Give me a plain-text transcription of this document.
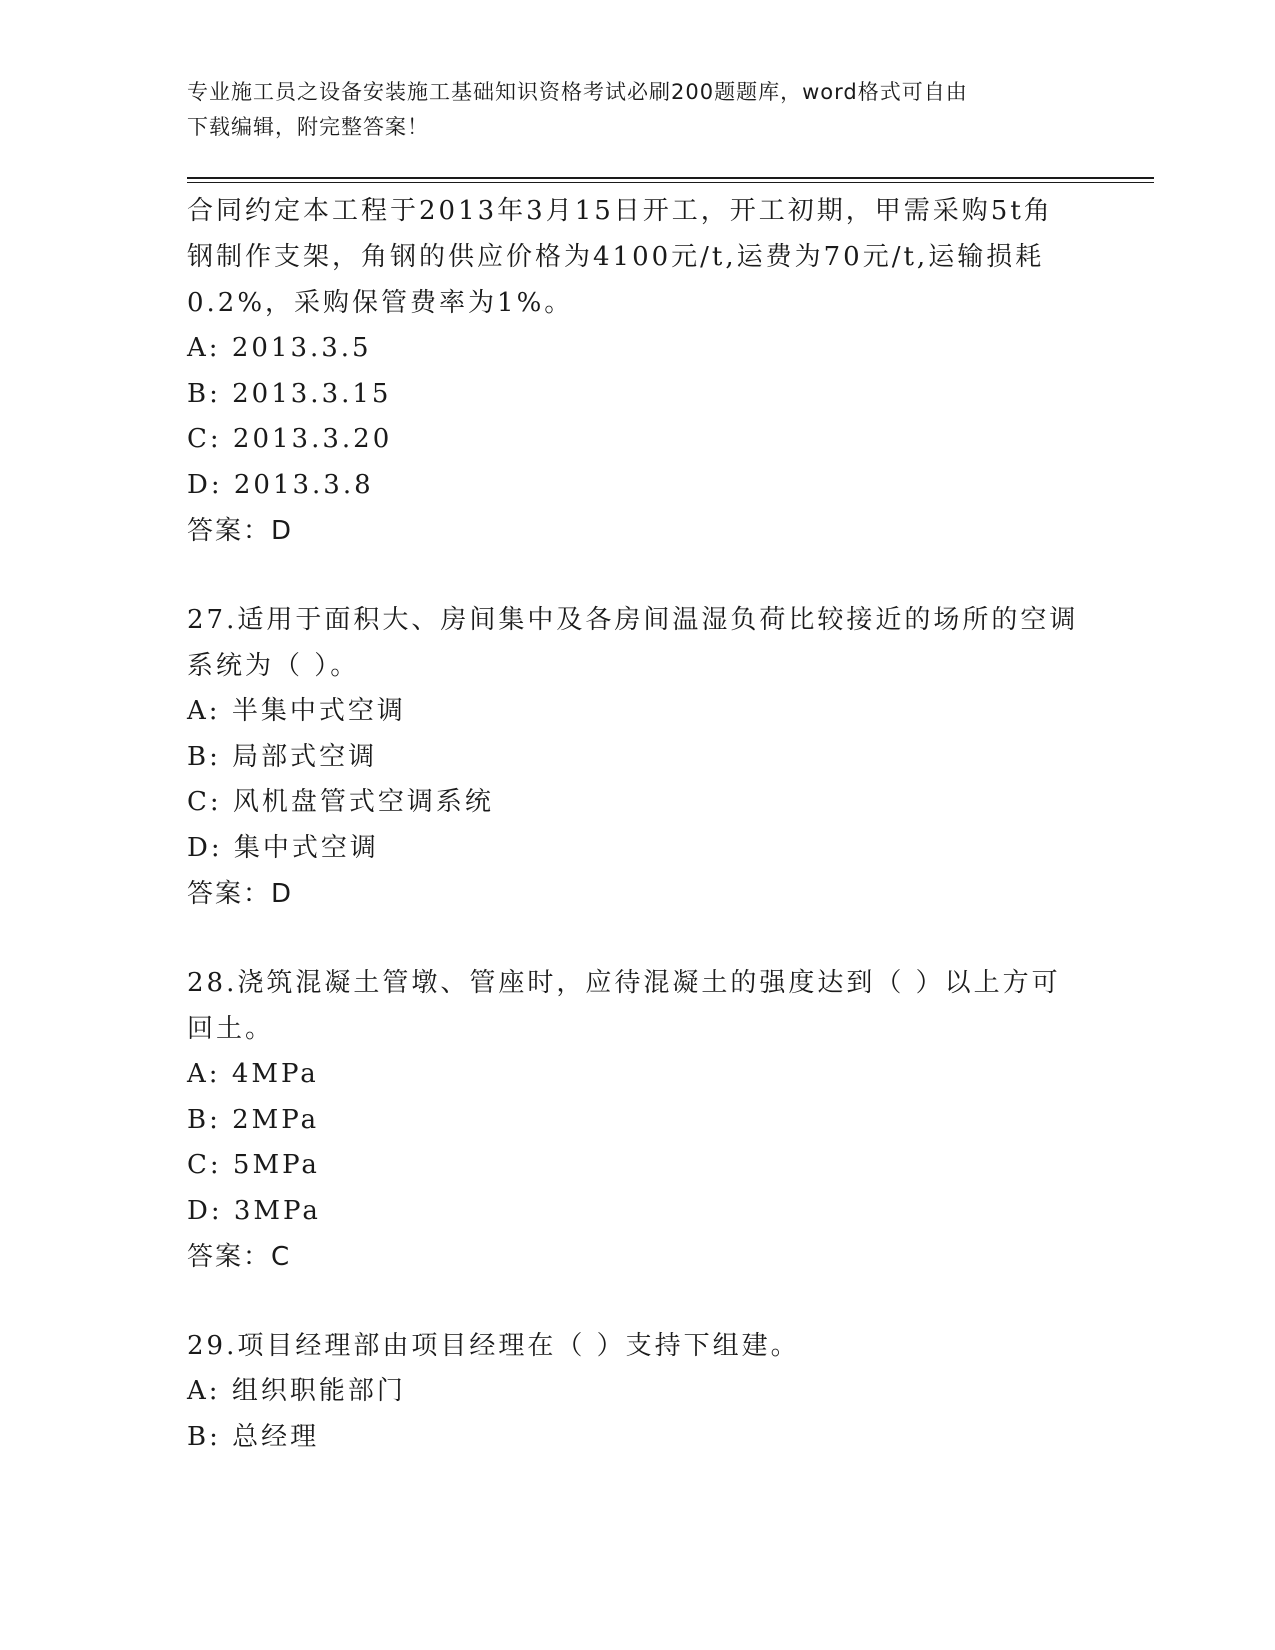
专业施工员之设备安装施工基础知识资格考试必刷200题题库，word格式可自由
下载编辑，附完整答案！

合同约定本工程于2013年3月15日开工，开工初期，甲需采购5t角

钢制作支架，角钢的供应价格为4100元/t,运费为70元/t,运输损耗

0.2%，采购保管费率为1%。

A: 2013.3.5

B: 2013.3.15

C: 2013.3.20

D: 2013.3.8

答案：D

27.适用于面积大、房间集中及各房间温湿负荷比较接近的场所的空调

系统为（ ）。

A: 半集中式空调

B: 局部式空调

C: 风机盘管式空调系统

D: 集中式空调

答案：D

28.浇筑混凝土管墩、管座时，应待混凝土的强度达到（ ）以上方可

回土。

A: 4MPa

B: 2MPa

C: 5MPa

D: 3MPa

答案：C

29.项目经理部由项目经理在（ ）支持下组建。

A: 组织职能部门

B: 总经理
